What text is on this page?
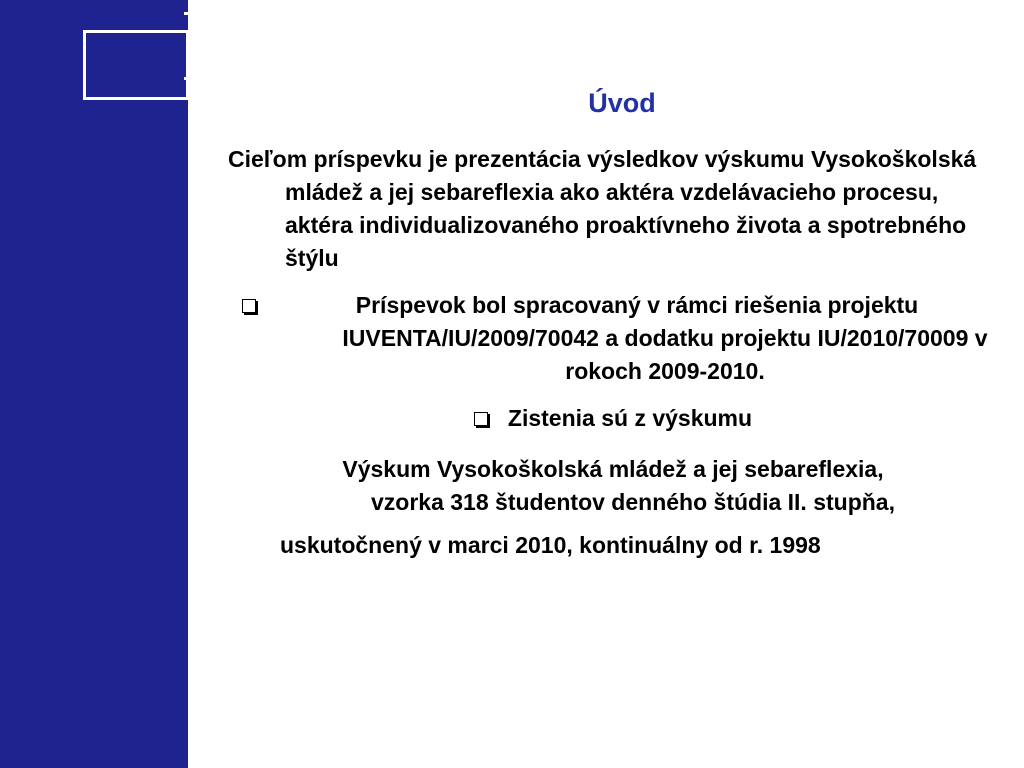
Úvod
Cieľom príspevku je prezentácia výsledkov výskumu Vysokoškolská mládež a jej sebareflexia ako aktéra vzdelávacieho procesu, aktéra individualizovaného proaktívneho života a spotrebného štýlu
Príspevok bol spracovaný v rámci riešenia projektu IUVENTA/IU/2009/70042 a dodatku projektu IU/2010/70009 v rokoch 2009-2010.
Zistenia sú z výskumu
Výskum Vysokoškolská mládež a jej sebareflexia,
vzorka 318 študentov denného štúdia II. stupňa,
uskutočnený v marci 2010, kontinuálny od r. 1998
